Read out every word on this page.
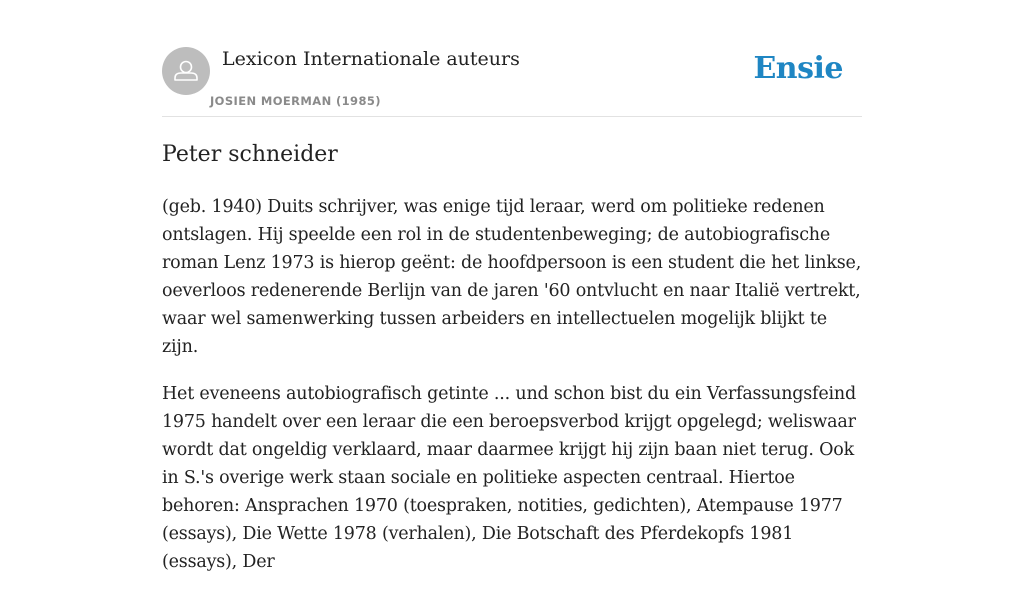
Lexicon Internationale auteurs
JOSIEN MOERMAN (1985)
Ensie
Peter schneider

(geb. 1940) Duits schrijver, was enige tijd leraar, werd om politieke redenen ontslagen. Hij speelde een rol in de studentenbeweging; de autobiografische roman Lenz 1973 is hierop geënt: de hoofdpersoon is een student die het linkse, oeverloos redenerende Berlijn van de jaren '60 ontvlucht en naar Italië vertrekt, waar wel samenwerking tussen arbeiders en intellectuelen mogelijk blijkt te zijn.

Het eveneens autobiografisch getinte ... und schon bist du ein Verfassungsfeind 1975 handelt over een leraar die een beroepsverbod krijgt opgelegd; weliswaar wordt dat ongeldig verklaard, maar daarmee krijgt hij zijn baan niet terug. Ook in S.'s overige werk staan sociale en politieke aspecten centraal. Hiertoe behoren: Ansprachen 1970 (toespraken, notities, gedichten), Atempause 1977 (essays), Die Wette 1978 (verhalen), Die Botschaft des Pferdekopfs 1981 (essays), Der
